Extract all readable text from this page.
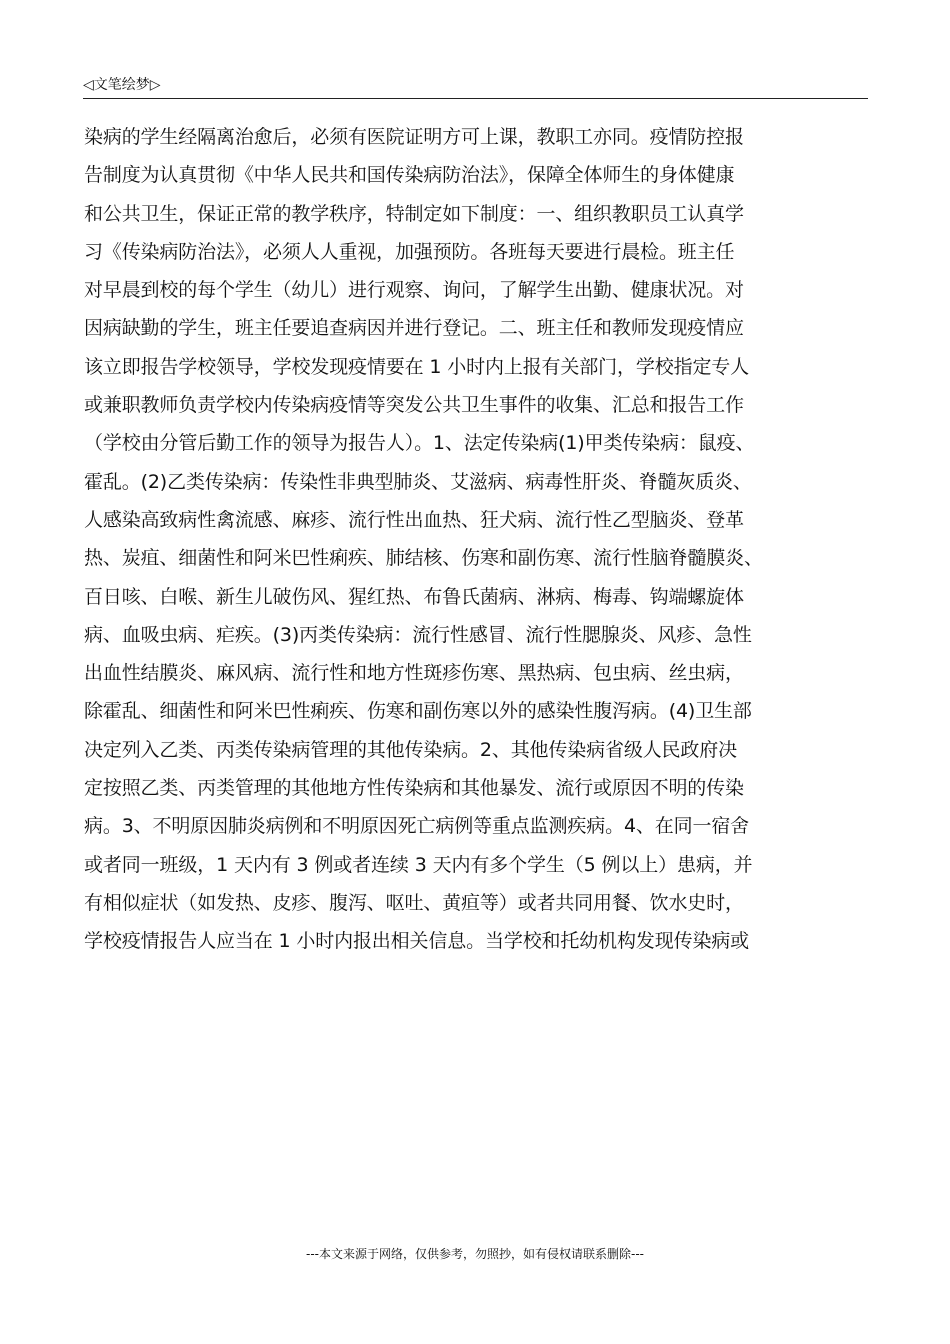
◁文笔绘梦▷
染病的学生经隔离治愈后，必须有医院证明方可上课，教职工亦同。疫情防控报
告制度为认真贯彻《中华人民共和国传染病防治法》，保障全体师生的身体健康
和公共卫生，保证正常的教学秩序，特制定如下制度：一、组织教职员工认真学
习《传染病防治法》，必须人人重视，加强预防。各班每天要进行晨检。班主任
对早晨到校的每个学生（幼儿）进行观察、询问，了解学生出勤、健康状况。对
因病缺勤的学生，班主任要追查病因并进行登记。二、班主任和教师发现疫情应
该立即报告学校领导，学校发现疫情要在 1 小时内上报有关部门，学校指定专人
或兼职教师负责学校内传染病疫情等突发公共卫生事件的收集、汇总和报告工作
（学校由分管后勤工作的领导为报告人）。1、法定传染病(1)甲类传染病：鼠疫、
霍乱。(2)乙类传染病：传染性非典型肺炎、艾滋病、病毒性肝炎、脊髓灰质炎、
人感染高致病性禽流感、麻疹、流行性出血热、狂犬病、流行性乙型脑炎、登革
热、炭疽、细菌性和阿米巴性痢疾、肺结核、伤寒和副伤寒、流行性脑脊髓膜炎、
百日咳、白喉、新生儿破伤风、猩红热、布鲁氏菌病、淋病、梅毒、钩端螺旋体
病、血吸虫病、疟疾。(3)丙类传染病：流行性感冒、流行性腮腺炎、风疹、急性
出血性结膜炎、麻风病、流行性和地方性斑疹伤寒、黑热病、包虫病、丝虫病，
除霍乱、细菌性和阿米巴性痢疾、伤寒和副伤寒以外的感染性腹泻病。(4)卫生部
决定列入乙类、丙类传染病管理的其他传染病。2、其他传染病省级人民政府决
定按照乙类、丙类管理的其他地方性传染病和其他暴发、流行或原因不明的传染
病。3、不明原因肺炎病例和不明原因死亡病例等重点监测疾病。4、在同一宿舍
或者同一班级，1 天内有 3 例或者连续 3 天内有多个学生（5 例以上）患病，并
有相似症状（如发热、皮疹、腹泻、呕吐、黄疸等）或者共同用餐、饮水史时，
学校疫情报告人应当在 1 小时内报出相关信息。当学校和托幼机构发现传染病或
---本文来源于网络，仅供参考，勿照抄，如有侵权请联系删除---
